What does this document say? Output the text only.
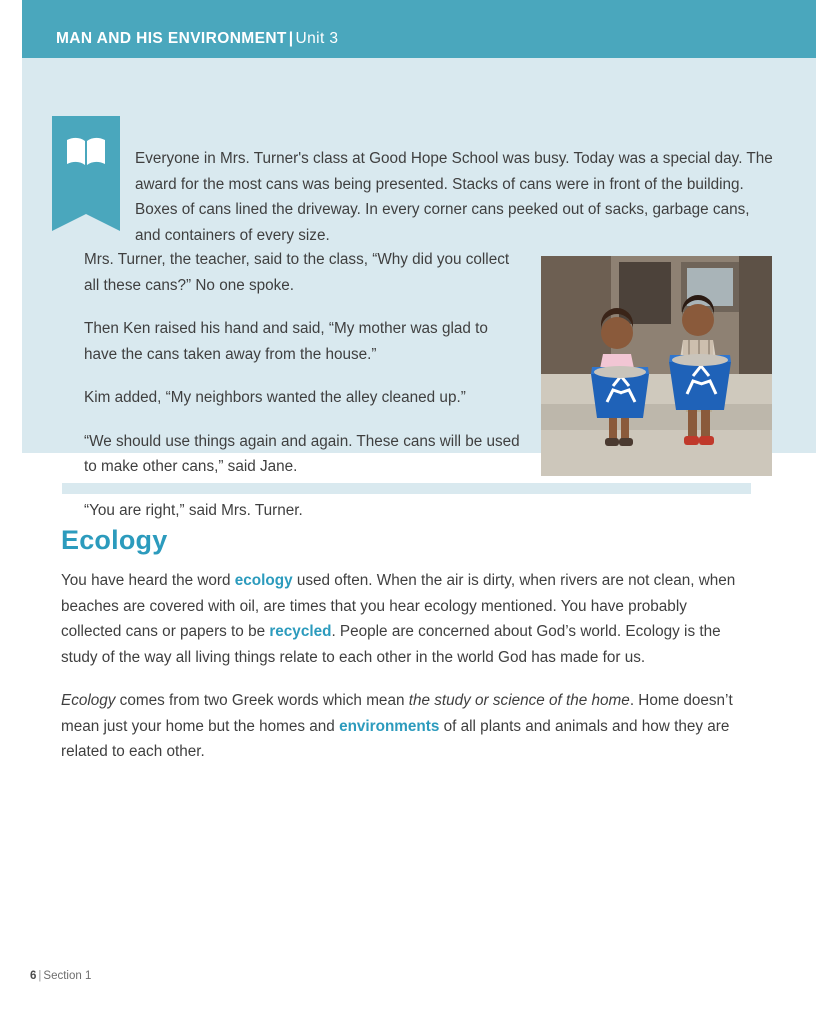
MAN AND HIS ENVIRONMENT | Unit 3
Everyone in Mrs. Turner's class at Good Hope School was busy. Today was a special day. The award for the most cans was being presented. Stacks of cans were in front of the building. Boxes of cans lined the driveway. In every corner cans peeked out of sacks, garbage cans, and containers of every size.

Mrs. Turner, the teacher, said to the class, “Why did you collect all these cans?” No one spoke.

Then Ken raised his hand and said, “My mother was glad to have the cans taken away from the house.”

Kim added, “My neighbors wanted the alley cleaned up.”

“We should use things again and again. These cans will be used to make other cans,” said Jane.

“You are right,” said Mrs. Turner.

Ecology

You have heard the word ecology used often. When the air is dirty, when rivers are not clean, when beaches are covered with oil, are times that you hear ecology mentioned. You have probably collected cans or papers to be recycled. People are concerned about God’s world. Ecology is the study of the way all living things relate to each other in the world God has made for us.

Ecology comes from two Greek words which mean the study or science of the home. Home doesn’t mean just your home but the homes and environments of all plants and animals and how they are related to each other.

6 | Section 1
